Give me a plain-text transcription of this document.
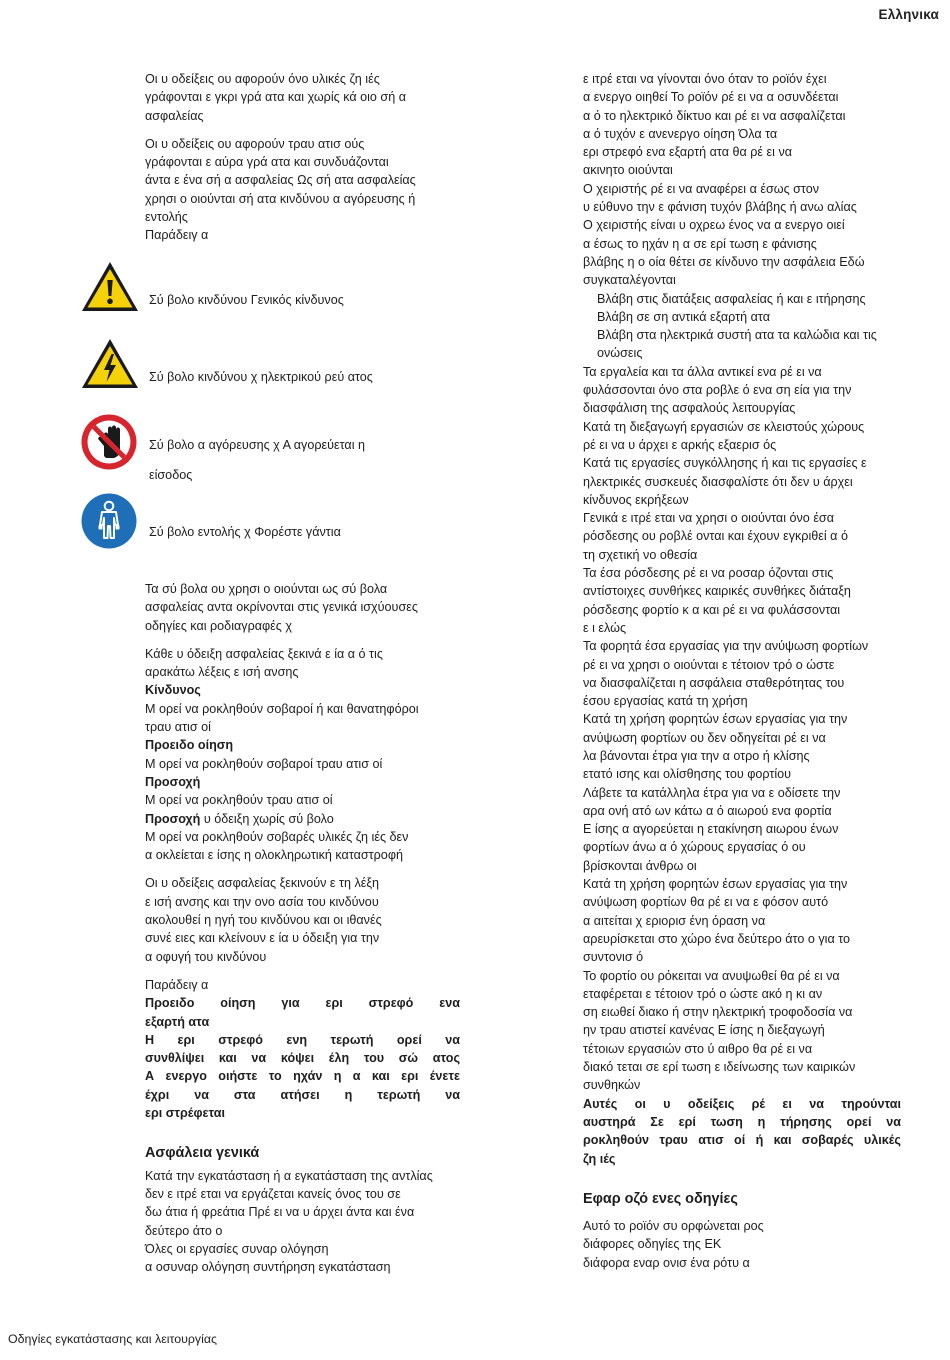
Ελληνικα

Οι υ οδείξεις ου αφορούν όνο υλικές ζη ιές

γράφονται ε γκρι γρά ατα και χωρίς κά οιο σή α

ασφαλείας

Οι υ οδείξεις ου αφορούν τραυ ατισ ούς

γράφονται ε αύρα γρά ατα και συνδυάζονται

άντα ε ένα σή α ασφαλείας Ως σή ατα ασφαλείας

χρησι ο οιούνται σή ατα κινδύνου α αγόρευσης ή

εντολής

Παράδειγ α

Σύ βολο κινδύνου Γενικός κίνδυνος

Σύ βολο κινδύνου χ ηλεκτρικού ρεύ ατος

Σύ βολο α αγόρευσης χ Α αγορεύεται η

είσοδος

Σύ βολο εντολής χ Φορέστε γάντια

Τα σύ βολα ου χρησι ο οιούνται ως σύ βολα

ασφαλείας αντα οκρίνονται στις γενικά ισχύουσες

οδηγίες και ροδιαγραφές χ

Κάθε υ όδειξη ασφαλείας ξεκινά ε ία α ό τις

αρακάτω λέξεις ε ισή ανσης

Κίνδυνος

Μ ορεί να ροκληθούν σοβαροί ή και θανατηφόροι

τραυ ατισ οί

Προειδο οίηση

Μ ορεί να ροκληθούν σοβαροί τραυ ατισ οί

Προσοχή

Μ ορεί να ροκληθούν τραυ ατισ οί

Προσοχή υ όδειξη χωρίς σύ βολο

Μ ορεί να ροκληθούν σοβαρές υλικές ζη ιές δεν

α οκλείεται ε ίσης η ολοκληρωτική καταστροφή

Οι υ οδείξεις ασφαλείας ξεκινούν ε τη λέξη

ε ισή ανσης και την ονο ασία του κινδύνου

ακολουθεί η ηγή του κινδύνου και οι ιθανές

συνέ ειες και κλείνουν ε ία υ όδειξη για την

α οφυγή του κινδύνου

Παράδειγ α

Προειδο οίηση για ερι στρεφό ενα

εξαρτή ατα

Η ερι στρεφό ενη τερωτή ορεί να

συνθλίψει και να κόψει έλη του σώ ατος

Α ενεργο οιήστε το ηχάν η α και ερι ένετε

έχρι να στα ατήσει η τερωτή να

ερι στρέφεται

Ασφάλεια γενικά

Κατά την εγκατάσταση ή α εγκατάσταση της αντλίας

δεν ε ιτρέ εται να εργάζεται κανείς όνος του σε

δω άτια ή φρεάτια Πρέ ει να υ άρχει άντα και ένα

δεύτερο άτο ο

Όλες οι εργασίες συναρ ολόγηση

α οσυναρ ολόγηση συντήρηση εγκατάσταση

ε ιτρέ εται να γίνονται όνο όταν το ροϊόν έχει

α ενεργο οιηθεί Το ροϊόν ρέ ει να α οσυνδέεται

α ό το ηλεκτρικό δίκτυο και ρέ ει να ασφαλίζεται

α ό τυχόν ε ανενεργο οίηση Όλα τα

ερι στρεφό ενα εξαρτή ατα θα ρέ ει να

ακινητο οιούνται

Ο χειριστής ρέ ει να αναφέρει α έσως στον

υ εύθυνο την ε φάνιση τυχόν βλάβης ή ανω αλίας

Ο χειριστής είναι υ οχρεω ένος να α ενεργο οιεί

α έσως το ηχάν η α σε ερί τωση ε φάνισης

βλάβης η ο οία θέτει σε κίνδυνο την ασφάλεια Εδώ

συγκαταλέγονται

Βλάβη στις διατάξεις ασφαλείας ή και ε ιτήρησης

Βλάβη σε ση αντικά εξαρτή ατα

Βλάβη στα ηλεκτρικά συστή ατα τα καλώδια και τις

ονώσεις

Τα εργαλεία και τα άλλα αντικεί ενα ρέ ει να

φυλάσσονται όνο στα ροβλε ό ενα ση εία για την

διασφάλιση της ασφαλούς λειτουργίας

Κατά τη διεξαγωγή εργασιών σε κλειστούς χώρους

ρέ ει να υ άρχει ε αρκής εξαερισ ός

Κατά τις εργασίες συγκόλλησης ή και τις εργασίες ε

ηλεκτρικές συσκευές διασφαλίστε ότι δεν υ άρχει

κίνδυνος εκρήξεων

Γενικά ε ιτρέ εται να χρησι ο οιούνται όνο έσα

ρόσδεσης ου ροβλέ ονται και έχουν εγκριθεί α ό

τη σχετική νο οθεσία

Τα έσα ρόσδεσης ρέ ει να ροσαρ όζονται στις

αντίστοιχες συνθήκες καιρικές συνθήκες διάταξη

ρόσδεσης φορτίο κ α και ρέ ει να φυλάσσονται

ε ι ελώς

Τα φορητά έσα εργασίας για την ανύψωση φορτίων

ρέ ει να χρησι ο οιούνται ε τέτοιον τρό ο ώστε

να διασφαλίζεται η ασφάλεια σταθερότητας του

έσου εργασίας κατά τη χρήση

Κατά τη χρήση φορητών έσων εργασίας για την

ανύψωση φορτίων ου δεν οδηγείται ρέ ει να

λα βάνονται έτρα για την α οτρο ή κλίσης

ετατό ισης και ολίσθησης του φορτίου

Λάβετε τα κατάλληλα έτρα για να ε οδίσετε την

αρα ονή ατό ων κάτω α ό αιωρού ενα φορτία

Ε ίσης α αγορεύεται η ετακίνηση αιωρου ένων

φορτίων άνω α ό χώρους εργασίας ό ου

βρίσκονται άνθρω οι

Κατά τη χρήση φορητών έσων εργασίας για την

ανύψωση φορτίων θα ρέ ει να ε φόσον αυτό

α αιτείται χ εριορισ ένη όραση να

αρευρίσκεται στο χώρο ένα δεύτερο άτο ο για το

συντονισ ό

Το φορτίο ου ρόκειται να ανυψωθεί θα ρέ ει να

εταφέρεται ε τέτοιον τρό ο ώστε ακό η κι αν

ση ειωθεί διακο ή στην ηλεκτρική τροφοδοσία να

ην τραυ ατιστεί κανένας Ε ίσης η διεξαγωγή

τέτοιων εργασιών στο ύ αιθρο θα ρέ ει να

διακό τεται σε ερί τωση ε ιδείνωσης των καιρικών

συνθηκών

Αυτές οι υ οδείξεις ρέ ει να τηρούνται

αυστηρά Σε ερί τωση η τήρησης ορεί να

ροκληθούν τραυ ατισ οί ή και σοβαρές υλικές

ζη ιές

Εφαρ οζό ενες οδηγίες

Αυτό το ροϊόν συ ορφώνεται ρος

διάφορες οδηγίες της ΕΚ

διάφορα εναρ ονισ ένα ρότυ α

Οδηγίες εγκατάστασης και λειτουργίας
